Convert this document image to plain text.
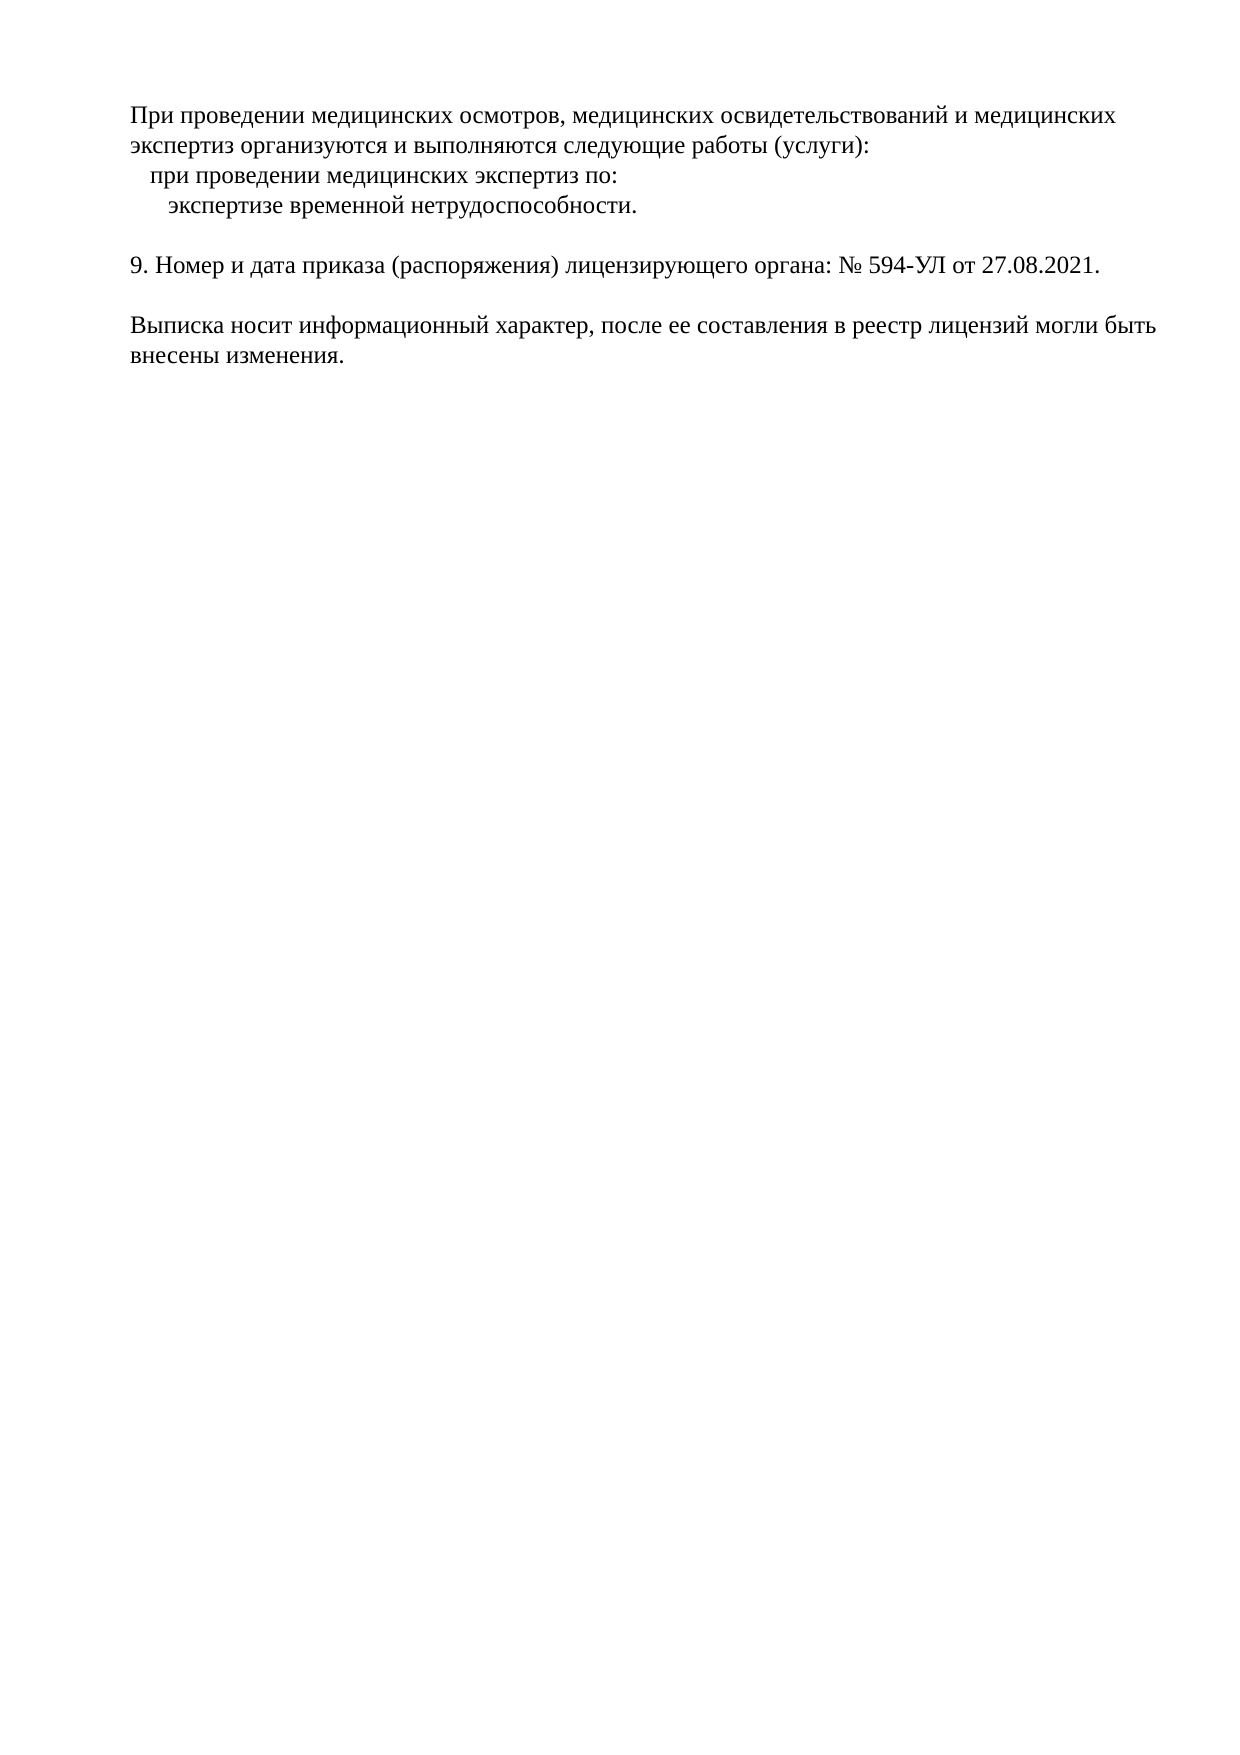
При проведении медицинских осмотров, медицинских освидетельствований и медицинских
экспертиз организуются и выполняются следующие работы (услуги):
при проведении медицинских экспертиз по:
экспертизе временной нетрудоспособности.
9. Номер и дата приказа (распоряжения) лицензирующего органа: № 594-УЛ от 27.08.2021.
Выписка носит информационный характер, после ее составления в реестр лицензий могли быть
внесены изменения.
